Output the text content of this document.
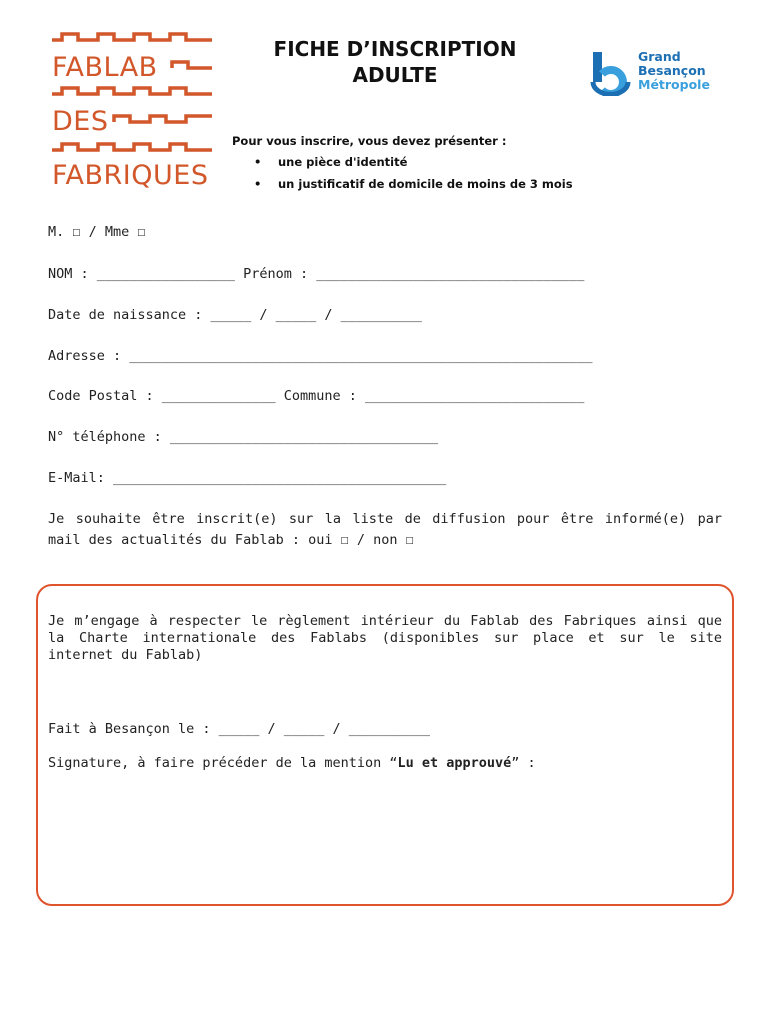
FABLAB
DES
FABRIQUES
FICHE D’INSCRIPTION
ADULTE
Grand
Besançon
Métropole
Pour vous inscrire, vous devez présenter :
• une pièce d'identité
• un justificatif de domicile de moins de 3 mois
M. ☐ / Mme ☐
NOM : _________________ Prénom : _________________________________
Date de naissance : _____ / _____ / __________
Adresse : _________________________________________________________
Code Postal : ______________ Commune : ___________________________
N° téléphone : _________________________________
E-Mail: _________________________________________
Je souhaite être inscrit(e) sur la liste de diffusion pour être informé(e) par mail des actualités du Fablab : oui ☐ / non ☐
Je m’engage à respecter le règlement intérieur du Fablab des Fabriques ainsi que la Charte internationale des Fablabs (disponibles sur place et sur le site internet du Fablab)
Fait à Besançon le : _____ / _____ / __________
Signature, à faire précéder de la mention “Lu et approuvé” :
